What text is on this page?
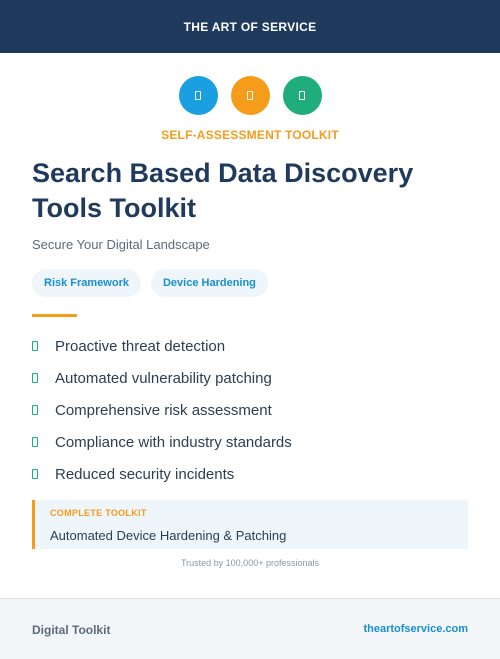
THE ART OF SERVICE
SELF-ASSESSMENT TOOLKIT
Search Based Data Discovery Tools Toolkit
Secure Your Digital Landscape
Risk Framework	Device Hardening
Proactive threat detection
Automated vulnerability patching
Comprehensive risk assessment
Compliance with industry standards
Reduced security incidents
COMPLETE TOOLKIT
Automated Device Hardening & Patching
Trusted by 100,000+ professionals
Digital Toolkit	theartofservice.com
